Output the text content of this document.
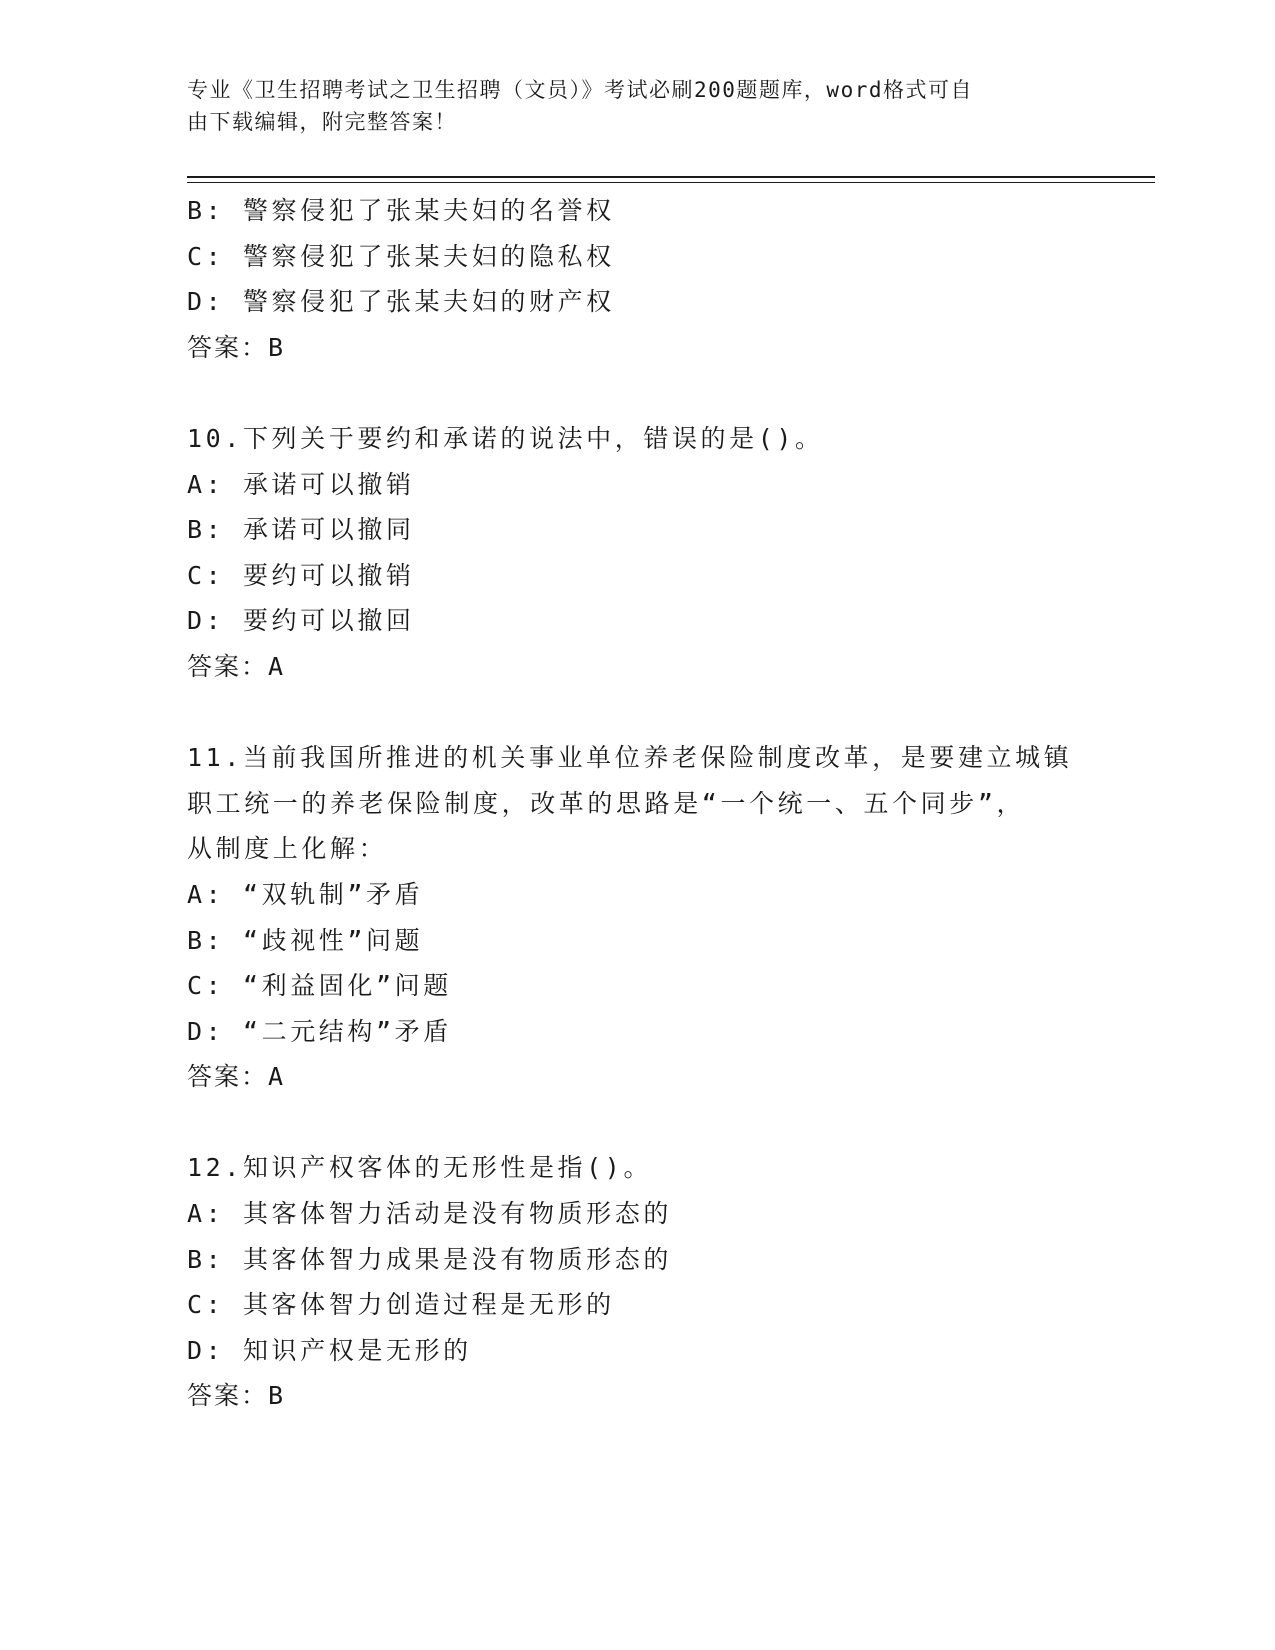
专业《卫生招聘考试之卫生招聘（文员）》考试必刷200题题库，word格式可自
由下载编辑，附完整答案！
B: 警察侵犯了张某夫妇的名誉权
C: 警察侵犯了张某夫妇的隐私权
D: 警察侵犯了张某夫妇的财产权
答案：B
10.下列关于要约和承诺的说法中，错误的是()。
A: 承诺可以撤销
B: 承诺可以撤同
C: 要约可以撤销
D: 要约可以撤回
答案：A
11.当前我国所推进的机关事业单位养老保险制度改革，是要建立城镇
职工统一的养老保险制度，改革的思路是“一个统一、五个同步”，
从制度上化解：
A: “双轨制”矛盾
B: “歧视性”问题
C: “利益固化”问题
D: “二元结构”矛盾
答案：A
12.知识产权客体的无形性是指()。
A: 其客体智力活动是没有物质形态的
B: 其客体智力成果是没有物质形态的
C: 其客体智力创造过程是无形的
D: 知识产权是无形的
答案：B
